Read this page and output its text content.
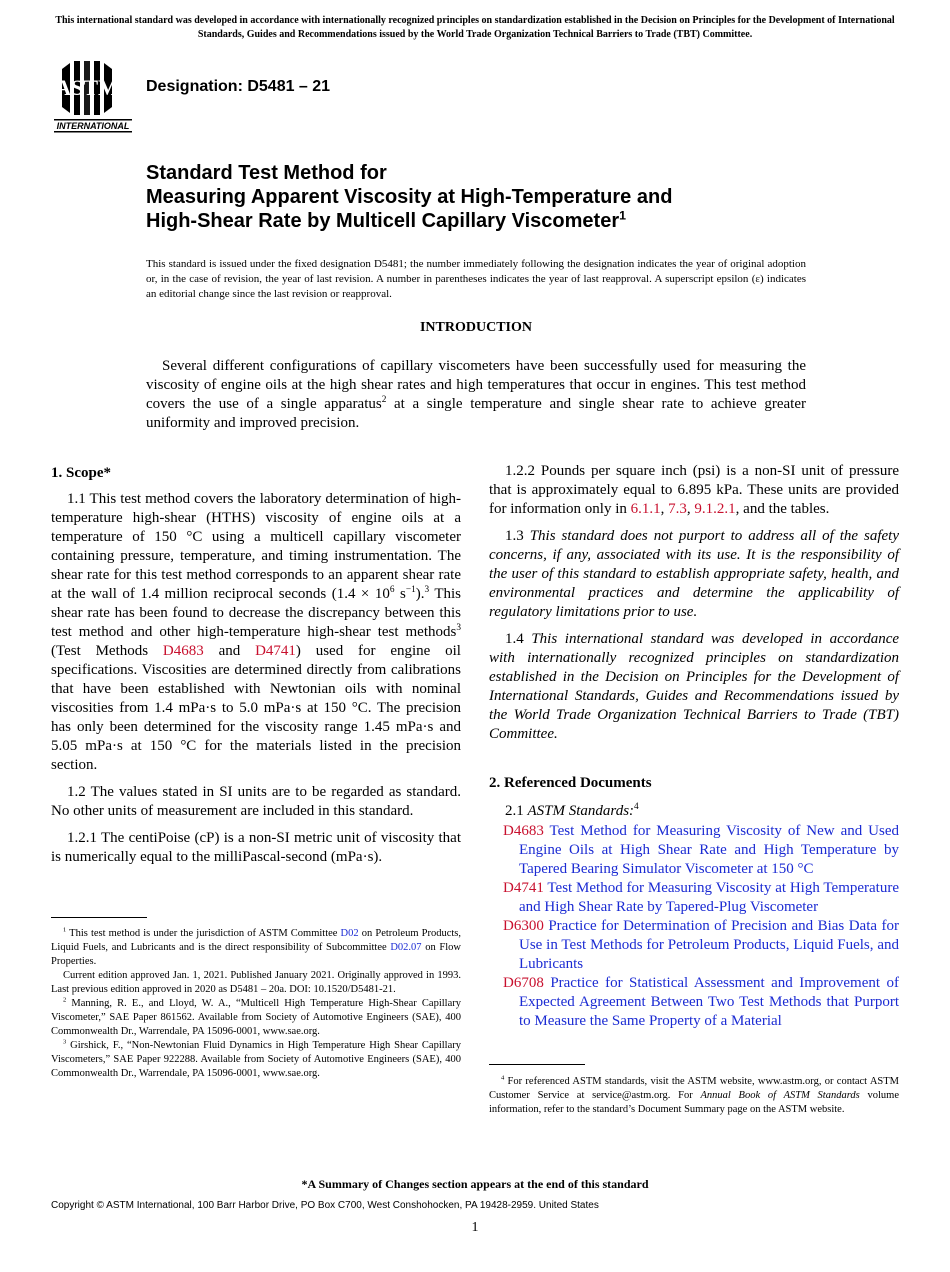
This international standard was developed in accordance with internationally recognized principles on standardization established in the Decision on Principles for the Development of International Standards, Guides and Recommendations issued by the World Trade Organization Technical Barriers to Trade (TBT) Committee.
ASTM
INTERNATIONAL
Designation: D5481 – 21
Standard Test Method for
Measuring Apparent Viscosity at High-Temperature and
High-Shear Rate by Multicell Capillary Viscometer$^1$
This standard is issued under the fixed designation D5481; the number immediately following the designation indicates the year of original adoption or, in the case of revision, the year of last revision. A number in parentheses indicates the year of last reapproval. A superscript epsilon (ε) indicates an editorial change since the last revision or reapproval.
INTRODUCTION
Several different configurations of capillary viscometers have been successfully used for measuring the viscosity of engine oils at the high shear rates and high temperatures that occur in engines. This test method covers the use of a single apparatus$^2$ at a single temperature and single shear rate to achieve greater uniformity and improved precision.
1. Scope*

1.1 This test method covers the laboratory determination of high-temperature high-shear (HTHS) viscosity of engine oils at a temperature of 150 °C using a multicell capillary viscometer containing pressure, temperature, and timing instrumentation. The shear rate for this test method corresponds to an apparent shear rate at the wall of 1.4 million reciprocal seconds ($1.4 \times 10^6$ $s^{-1}).^3$ This shear rate has been found to decrease the discrepancy between this test method and other high-temperature high-shear test methods$^3$ (Test Methods D4683 and D4741) used for engine oil specifications. Viscosities are determined directly from calibrations that have been established with Newtonian oils with nominal viscosities from 1.4 mPa·s to 5.0 mPa·s at 150 °C. The precision has only been determined for the viscosity range 1.45 mPa·s and 5.05 mPa·s at 150 °C for the materials listed in the precision section.

1.2 The values stated in SI units are to be regarded as standard. No other units of measurement are included in this standard.

1.2.1 The centiPoise (cP) is a non-SI metric unit of viscosity that is numerically equal to the milliPascal-second (mPa·s).

$^1$ This test method is under the jurisdiction of ASTM Committee D02 on Petroleum Products, Liquid Fuels, and Lubricants and is the direct responsibility of Subcommittee D02.07 on Flow Properties.

Current edition approved Jan. 1, 2021. Published January 2021. Originally approved in 1993. Last previous edition approved in 2020 as D5481 – 20a. DOI: 10.1520/D5481-21.

$^2$ Manning, R. E., and Lloyd, W. A., “Multicell High Temperature High-Shear Capillary Viscometer,” SAE Paper 861562. Available from Society of Automotive Engineers (SAE), 400 Commonwealth Dr., Warrendale, PA 15096-0001, www.sae.org.

$^3$ Girshick, F., “Non-Newtonian Fluid Dynamics in High Temperature High Shear Capillary Viscometers,” SAE Paper 922288. Available from Society of Automotive Engineers (SAE), 400 Commonwealth Dr., Warrendale, PA 15096-0001, www.sae.org.

1.2.2 Pounds per square inch (psi) is a non-SI unit of pressure that is approximately equal to 6.895 kPa. These units are provided for information only in 6.1.1, 7.3, 9.1.2.1, and the tables.

1.3 This standard does not purport to address all of the safety concerns, if any, associated with its use. It is the responsibility of the user of this standard to establish appropriate safety, health, and environmental practices and determine the applicability of regulatory limitations prior to use.

1.4 This international standard was developed in accordance with internationally recognized principles on standardization established in the Decision on Principles for the Development of International Standards, Guides and Recommendations issued by the World Trade Organization Technical Barriers to Trade (TBT) Committee.

2. Referenced Documents
2.1 ASTM Standards:$^4$
D4683 Test Method for Measuring Viscosity of New and Used Engine Oils at High Shear Rate and High Temperature by Tapered Bearing Simulator Viscometer at 150 °C
D4741 Test Method for Measuring Viscosity at High Temperature and High Shear Rate by Tapered-Plug Viscometer
D6300 Practice for Determination of Precision and Bias Data for Use in Test Methods for Petroleum Products, Liquid Fuels, and Lubricants
D6708 Practice for Statistical Assessment and Improvement of Expected Agreement Between Two Test Methods that Purport to Measure the Same Property of a Material

$^4$ For referenced ASTM standards, visit the ASTM website, www.astm.org, or contact ASTM Customer Service at service@astm.org. For Annual Book of ASTM Standards volume information, refer to the standard’s Document Summary page on the ASTM website.

*A Summary of Changes section appears at the end of this standard
Copyright © ASTM International, 100 Barr Harbor Drive, PO Box C700, West Conshohocken, PA 19428-2959. United States
1
